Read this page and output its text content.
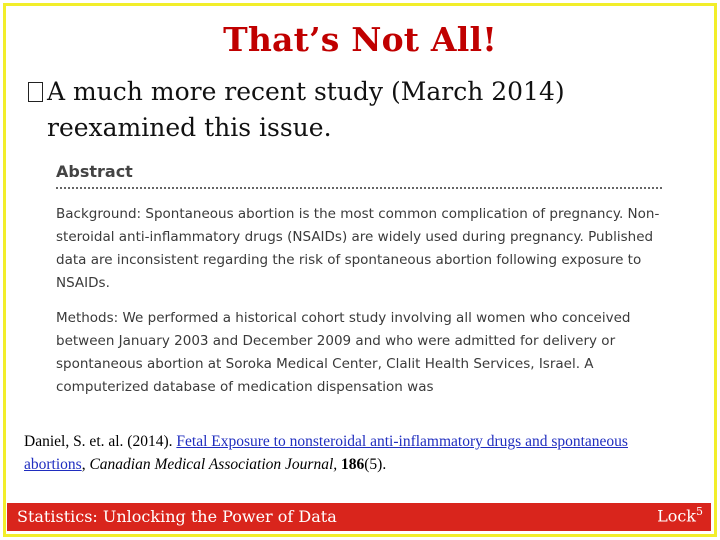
That’s Not All!
A much more recent study (March 2014)
reexamined this issue.
Abstract

Background: Spontaneous abortion is the most common complication of pregnancy. Non-steroidal anti-inflammatory drugs (NSAIDs) are widely used during pregnancy. Published data are inconsistent regarding the risk of spontaneous abortion following exposure to NSAIDs.

Methods: We performed a historical cohort study involving all women who conceived between January 2003 and December 2009 and who were admitted for delivery or spontaneous abortion at Soroka Medical Center, Clalit Health Services, Israel. A computerized database of medication dispensation was

Daniel, S. et. al. (2014). Fetal Exposure to nonsteroidal anti-inflammatory drugs and spontaneous abortions, Canadian Medical Association Journal, 186(5).
Statistics: Unlocking the Power of Data	Lock$^5$
